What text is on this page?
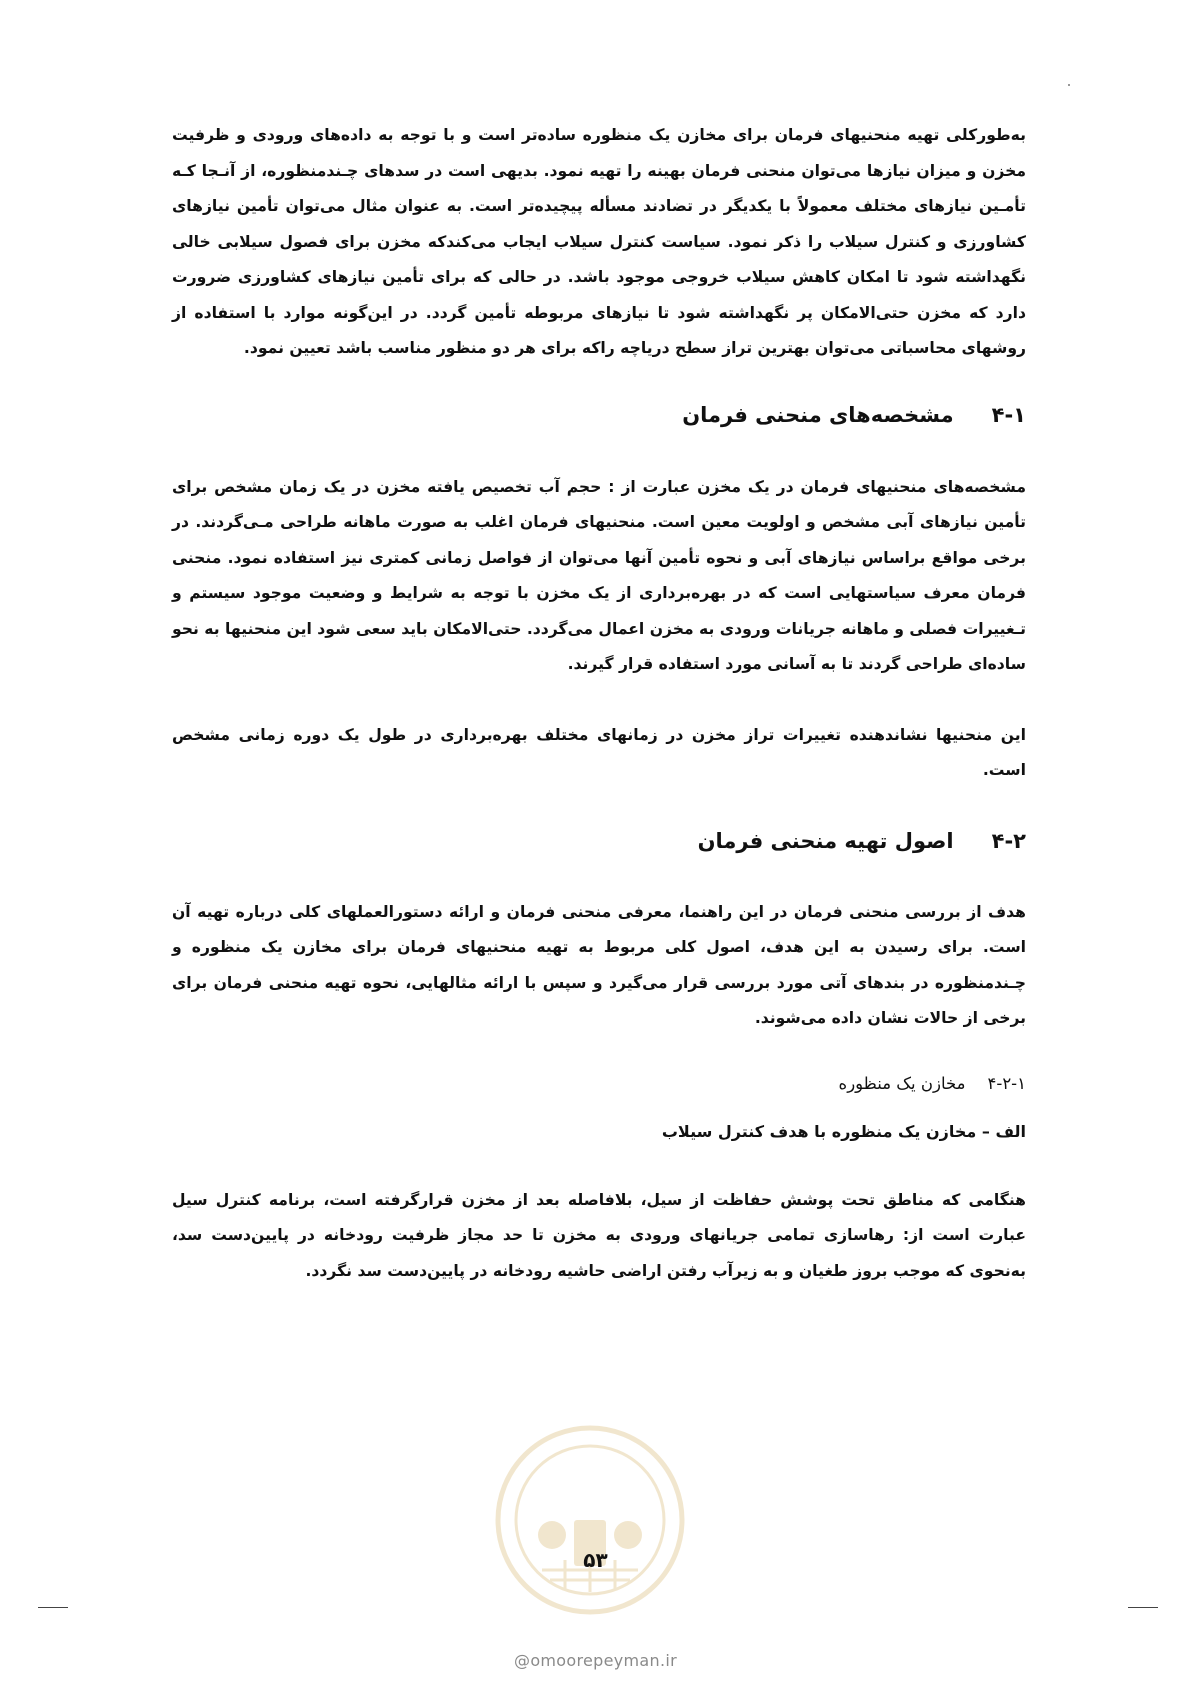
به‌طورکلی تهیه منحنیهای فرمان برای مخازن یک منظوره ساده‌تر است و با توجه به داده‌های ورودی و ظرفیت مخزن و میزان نیازها می‌توان منحنی فرمان بهینه را تهیه نمود. بدیهی است در سدهای چـندمنظوره، از آنـجا کـه تأمـین نیازهای مختلف معمولاً با یکدیگر در تضادند مسأله پیچیده‌تر است. به عنوان مثال می‌توان تأمین نیازهای کشاورزی و کنترل سیلاب را ذکر نمود. سیاست کنترل سیلاب ایجاب می‌کندکه مخزن برای فصول سیلابی خالی نگهداشته شود تا امکان کاهش سیلاب خروجی موجود باشد. در حالی که برای تأمین نیازهای کشاورزی ضرورت دارد که مخزن حتی‌الامکان پر نگهداشته شود تا نیازهای مربوطه تأمین گردد. در این‌گونه موارد با استفاده از روشهای محاسباتی می‌توان بهترین تراز سطح دریاچه راکه برای هر دو منظور مناسب باشد تعیین نمود.

۴-۱
مشخصه‌های منحنی فرمان

مشخصه‌های منحنیهای فرمان در یک مخزن عبارت از : حجم آب تخصیص یافته مخزن در یک زمان مشخص برای تأمین نیازهای آبی مشخص و اولویت معین است. منحنیهای فرمان اغلب به صورت ماهانه طراحی مـی‌گردند. در برخی مواقع براساس نیازهای آبی و نحوه تأمین آنها می‌توان از فواصل زمانی کمتری نیز استفاده نمود. منحنی فرمان معرف سیاستهایی است که در بهره‌برداری از یک مخزن با توجه به شرایط و وضعیت موجود سیستم و تـغییرات فصلی و ماهانه جریانات ورودی به مخزن اعمال می‌گردد. حتی‌الامکان باید سعی شود این منحنیها به نحو ساده‌ای طراحی گردند تا به آسانی مورد استفاده قرار گیرند.

این منحنیها نشاندهنده تغییرات تراز مخزن در زمانهای مختلف بهره‌برداری در طول یک دوره زمانی مشخص است.

۴-۲
اصول تهیه منحنی فرمان

هدف از بررسی منحنی فرمان در این راهنما، معرفی منحنی فرمان و ارائه دستورالعملهای کلی درباره تهیه آن است. برای رسیدن به این هدف، اصول کلی مربوط به تهیه منحنیهای فرمان برای مخازن یک منظوره و چـندمنظوره در بندهای آتی مورد بررسی قرار می‌گیرد و سپس با ارائه مثالهایی، نحوه تهیه منحنی فرمان برای برخی از حالات نشان داده می‌شوند.

۴-۲-۱
مخازن یک منظوره
الف – مخازن یک منظوره با هدف کنترل سیلاب

هنگامی که مناطق تحت پوشش حفاظت از سیل، بلافاصله بعد از مخزن قرارگرفته است، برنامه کنترل سیل عبارت است از: رهاسازی تمامی جریانهای ورودی به مخزن تا حد مجاز ظرفیت رودخانه در پایین‌دست سد، به‌نحوی که موجب بروز طغیان و به زیرآب رفتن اراضی حاشیه رودخانه در پایین‌دست سد نگردد.

۵۳
@omoorepeyman.ir
